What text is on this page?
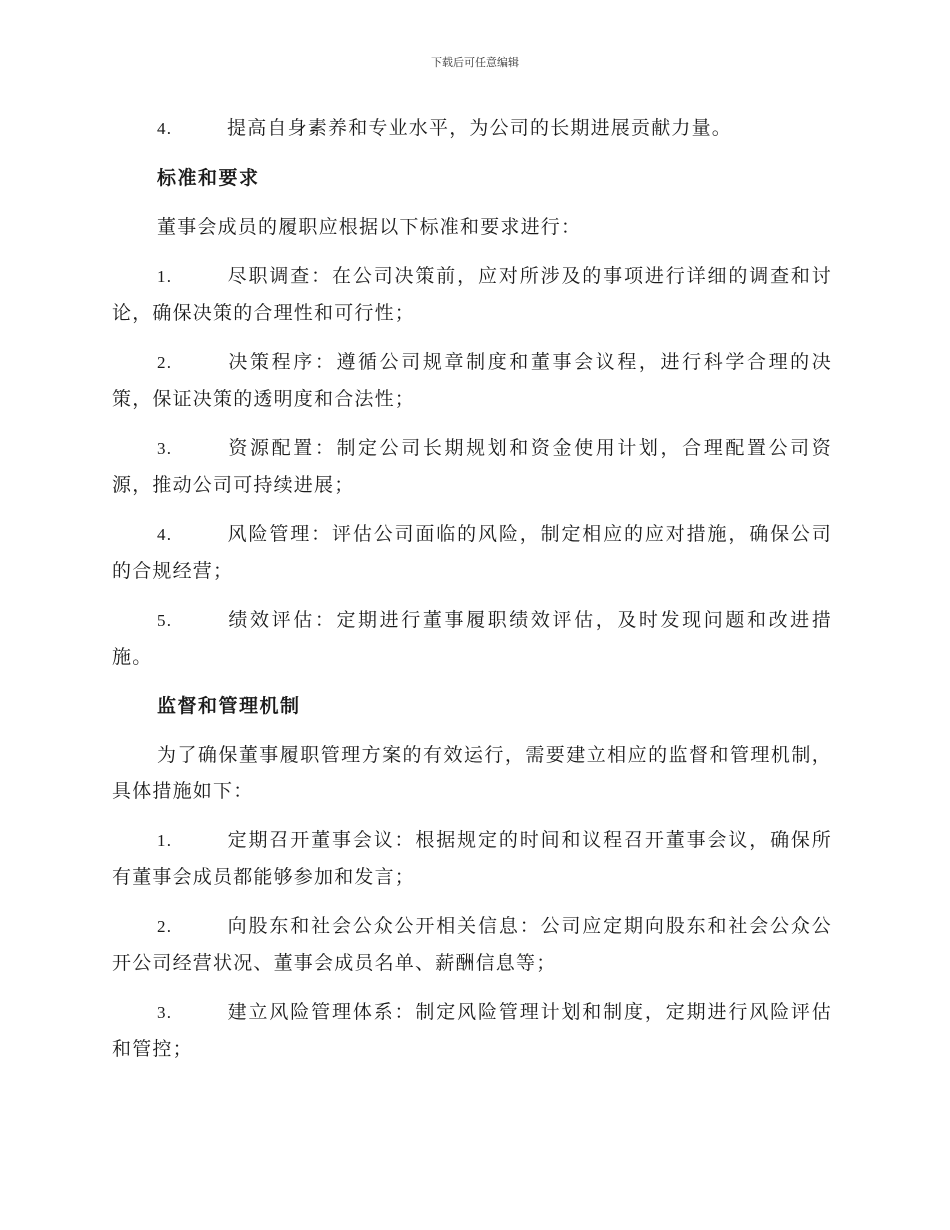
下载后可任意编辑

4.	提高自身素养和专业水平，为公司的长期进展贡献力量。

标准和要求

董事会成员的履职应根据以下标准和要求进行：

1.	尽职调查：在公司决策前，应对所涉及的事项进行详细的调查和讨论，确保决策的合理性和可行性；

2.	决策程序：遵循公司规章制度和董事会议程，进行科学合理的决策，保证决策的透明度和合法性；

3.	资源配置：制定公司长期规划和资金使用计划，合理配置公司资源，推动公司可持续进展；

4.	风险管理：评估公司面临的风险，制定相应的应对措施，确保公司的合规经营；

5.	绩效评估：定期进行董事履职绩效评估，及时发现问题和改进措施。

监督和管理机制

为了确保董事履职管理方案的有效运行，需要建立相应的监督和管理机制，具体措施如下：

1.	定期召开董事会议：根据规定的时间和议程召开董事会议，确保所有董事会成员都能够参加和发言；

2.	向股东和社会公众公开相关信息：公司应定期向股东和社会公众公开公司经营状况、董事会成员名单、薪酬信息等；

3.	建立风险管理体系：制定风险管理计划和制度，定期进行风险评估和管控；
